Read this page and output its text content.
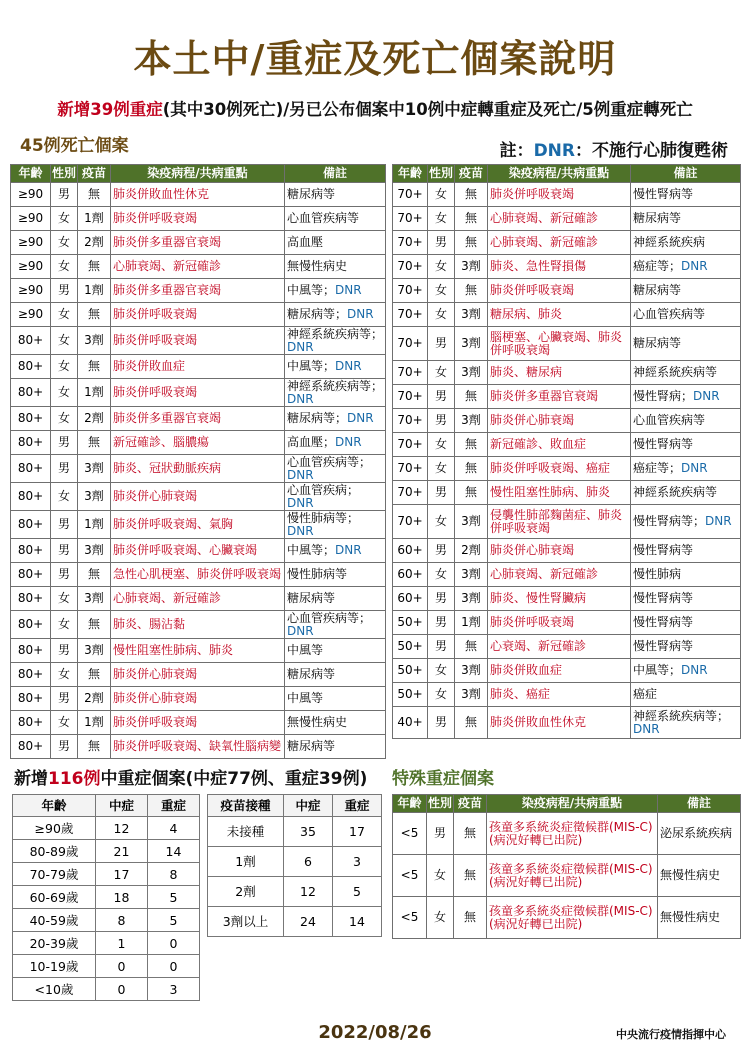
本土中/重症及死亡個案說明
新增39例重症(其中30例死亡)/另已公布個案中10例中症轉重症及死亡/5例重症轉死亡
45例死亡個案	註：DNR：不施行心肺復甦術
年齡	性別	疫苗	染疫病程/共病重點	備註
≥90	男	無	肺炎併敗血性休克	糖尿病等
≥90	女	1劑	肺炎併呼吸衰竭	心血管疾病等
≥90	女	2劑	肺炎併多重器官衰竭	高血壓
≥90	女	無	心肺衰竭、新冠確診	無慢性病史
≥90	男	1劑	肺炎併多重器官衰竭	中風等；DNR
≥90	女	無	肺炎併呼吸衰竭	糖尿病等；DNR
80+	女	3劑	肺炎併呼吸衰竭	神經系統疾病等；DNR
80+	女	無	肺炎併敗血症	中風等；DNR
80+	女	1劑	肺炎併呼吸衰竭	神經系統疾病等；DNR
80+	女	2劑	肺炎併多重器官衰竭	糖尿病等；DNR
80+	男	無	新冠確診、腦膿瘍	高血壓；DNR
80+	男	3劑	肺炎、冠狀動脈疾病	心血管疾病等；DNR
80+	女	3劑	肺炎併心肺衰竭	心血管疾病；DNR
80+	男	1劑	肺炎併呼吸衰竭、氣胸	慢性肺病等；DNR
80+	男	3劑	肺炎併呼吸衰竭、心臟衰竭	中風等；DNR
80+	男	無	急性心肌梗塞、肺炎併呼吸衰竭	慢性肺病等
80+	女	3劑	心肺衰竭、新冠確診	糖尿病等
80+	女	無	肺炎、腸沾黏	心血管疾病等；DNR
80+	男	3劑	慢性阻塞性肺病、肺炎	中風等
80+	女	無	肺炎併心肺衰竭	糖尿病等
80+	男	2劑	肺炎併心肺衰竭	中風等
80+	女	1劑	肺炎併呼吸衰竭	無慢性病史
80+	男	無	肺炎併呼吸衰竭、缺氧性腦病變	糖尿病等
年齡	性別	疫苗	染疫病程/共病重點	備註
70+	女	無	肺炎併呼吸衰竭	慢性腎病等
70+	女	無	心肺衰竭、新冠確診	糖尿病等
70+	男	無	心肺衰竭、新冠確診	神經系統疾病
70+	女	3劑	肺炎、急性腎損傷	癌症等；DNR
70+	女	無	肺炎併呼吸衰竭	糖尿病等
70+	女	3劑	糖尿病、肺炎	心血管疾病等
70+	男	3劑	腦梗塞、心臟衰竭、肺炎併呼吸衰竭	糖尿病等
70+	女	3劑	肺炎、糖尿病	神經系統疾病等
70+	男	無	肺炎併多重器官衰竭	慢性腎病；DNR
70+	男	3劑	肺炎併心肺衰竭	心血管疾病等
70+	女	無	新冠確診、敗血症	慢性腎病等
70+	女	無	肺炎併呼吸衰竭、癌症	癌症等；DNR
70+	男	無	慢性阻塞性肺病、肺炎	神經系統疾病等
70+	女	3劑	侵襲性肺部麴菌症、肺炎併呼吸衰竭	慢性腎病等；DNR
60+	男	2劑	肺炎併心肺衰竭	慢性腎病等
60+	女	3劑	心肺衰竭、新冠確診	慢性肺病
60+	男	3劑	肺炎、慢性腎臟病	慢性腎病等
50+	男	1劑	肺炎併呼吸衰竭	慢性腎病等
50+	男	無	心衰竭、新冠確診	慢性腎病等
50+	女	3劑	肺炎併敗血症	中風等；DNR
50+	女	3劑	肺炎、癌症	癌症
40+	男	無	肺炎併敗血性休克	神經系統疾病等；DNR
新增116例中重症個案(中症77例、重症39例) 特殊重症個案
年齡	中症	重症
≥90歲	12	4
80-89歲	21	14
70-79歲	17	8
60-69歲	18	5
40-59歲	8	5
20-39歲	1	0
10-19歲	0	0
<10歲	0	3
疫苗接種	中症	重症
未接種	35	17
1劑	6	3
2劑	12	5
3劑以上	24	14
年齡	性別	疫苗	染疫病程/共病重點	備註
<5	男	無	孩童多系統炎症徵候群(MIS-C)(病況好轉已出院)	泌尿系統疾病
<5	女	無	孩童多系統炎症徵候群(MIS-C)(病況好轉已出院)	無慢性病史
<5	女	無	孩童多系統炎症徵候群(MIS-C)(病況好轉已出院)	無慢性病史
2022/08/26	中央流行疫情指揮中心
